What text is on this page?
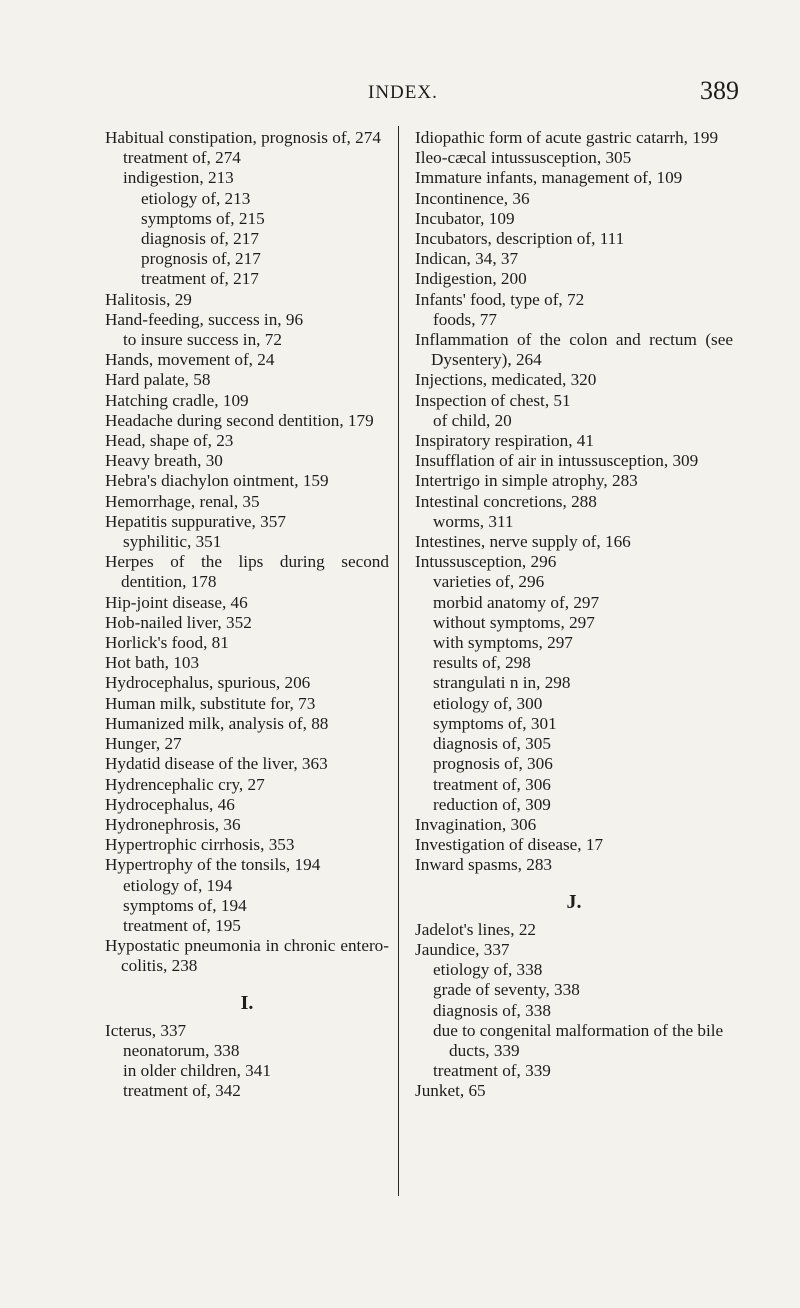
INDEX.	389

Habitual constipation, prognosis of, 274

treatment of, 274

indigestion, 213

etiology of, 213

symptoms of, 215

diagnosis of, 217

prognosis of, 217

treatment of, 217

Halitosis, 29

Hand-feeding, success in, 96

to insure success in, 72

Hands, movement of, 24

Hard palate, 58

Hatching cradle, 109

Headache during second dentition, 179

Head, shape of, 23

Heavy breath, 30

Hebra's diachylon ointment, 159

Hemorrhage, renal, 35

Hepatitis suppurative, 357

syphilitic, 351

Herpes of the lips during second dentition, 178

Hip-joint disease, 46

Hob-nailed liver, 352

Horlick's food, 81

Hot bath, 103

Hydrocephalus, spurious, 206

Human milk, substitute for, 73

Humanized milk, analysis of, 88

Hunger, 27

Hydatid disease of the liver, 363

Hydrencephalic cry, 27

Hydrocephalus, 46

Hydronephrosis, 36

Hypertrophic cirrhosis, 353

Hypertrophy of the tonsils, 194

etiology of, 194

symptoms of, 194

treatment of, 195

Hypostatic pneumonia in chronic entero-colitis, 238

I.

Icterus, 337

neonatorum, 338

in older children, 341

treatment of, 342

Idiopathic form of acute gastric catarrh, 199

Ileo-cæcal intussusception, 305

Immature infants, management of, 109

Incontinence, 36

Incubator, 109

Incubators, description of, 111

Indican, 34, 37

Indigestion, 200

Infants' food, type of, 72

foods, 77

Inflammation of the colon and rectum (see Dysentery), 264

Injections, medicated, 320

Inspection of chest, 51

of child, 20

Inspiratory respiration, 41

Insufflation of air in intussusception, 309

Intertrigo in simple atrophy, 283

Intestinal concretions, 288

worms, 311

Intestines, nerve supply of, 166

Intussusception, 296

varieties of, 296

morbid anatomy of, 297

without symptoms, 297

with symptoms, 297

results of, 298

strangulati n in, 298

etiology of, 300

symptoms of, 301

diagnosis of, 305

prognosis of, 306

treatment of, 306

reduction of, 309

Invagination, 306

Investigation of disease, 17

Inward spasms, 283

J.

Jadelot's lines, 22

Jaundice, 337

etiology of, 338

grade of seventy, 338

diagnosis of, 338

due to congenital malformation of the bile ducts, 339

treatment of, 339

Junket, 65
